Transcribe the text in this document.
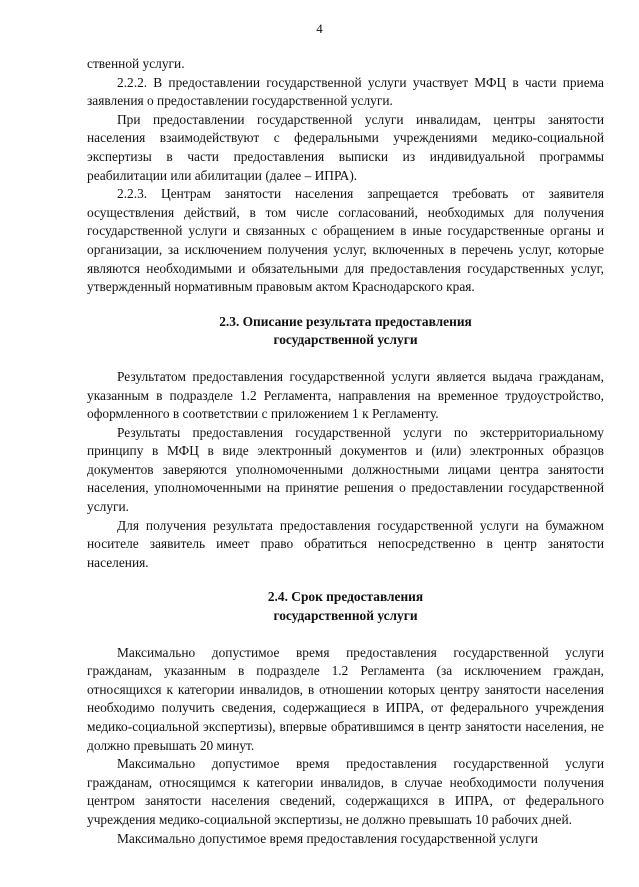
4

ственной услуги.

2.2.2. В предоставлении государственной услуги участвует МФЦ в части приема заявления о предоставлении государственной услуги.

При предоставлении государственной услуги инвалидам, центры занятости населения взаимодействуют с федеральными учреждениями медико-социальной экспертизы в части предоставления выписки из индивидуальной программы реабилитации или абилитации (далее – ИПРА).

2.2.3. Центрам занятости населения запрещается требовать от заявителя осуществления действий, в том числе согласований, необходимых для получения государственной услуги и связанных с обращением в иные государственные органы и организации, за исключением получения услуг, включенных в перечень услуг, которые являются необходимыми и обязательными для предоставления государственных услуг, утвержденный нормативным правовым актом Краснодарского края.

2.3. Описание результата предоставления
государственной услуги

Результатом предоставления государственной услуги является выдача гражданам, указанным в подразделе 1.2 Регламента, направления на временное трудоустройство, оформленного в соответствии с приложением 1 к Регламенту.

Результаты предоставления государственной услуги по экстерриториальному принципу в МФЦ в виде электронный документов и (или) электронных образцов документов заверяются уполномоченными должностными лицами центра занятости населения, уполномоченными на принятие решения о предоставлении государственной услуги.

Для получения результата предоставления государственной услуги на бумажном носителе заявитель имеет право обратиться непосредственно в центр занятости населения.

2.4. Срок предоставления
государственной услуги

Максимально допустимое время предоставления государственной услуги гражданам, указанным в подразделе 1.2 Регламента (за исключением граждан, относящихся к категории инвалидов, в отношении которых центру занятости населения необходимо получить сведения, содержащиеся в ИПРА, от федерального учреждения медико-социальной экспертизы), впервые обратившимся в центр занятости населения, не должно превышать 20 минут.

Максимально допустимое время предоставления государственной услуги гражданам, относящимся к категории инвалидов, в случае необходимости получения центром занятости населения сведений, содержащихся в ИПРА, от федерального учреждения медико-социальной экспертизы, не должно превышать 10 рабочих дней.

Максимально допустимое время предоставления государственной услуги
